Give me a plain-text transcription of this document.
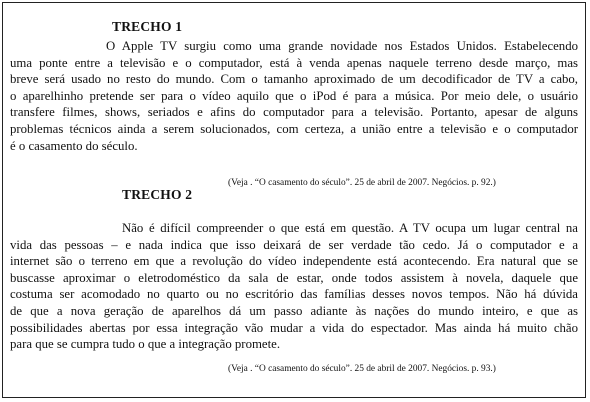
TRECHO 1
O Apple TV surgiu como uma grande novidade nos Estados Unidos. Estabelecendo
uma ponte entre a televisão e o computador, está à venda apenas naquele terreno desde março, mas
breve será usado no resto do mundo. Com o tamanho aproximado de um decodificador de TV a cabo,
o aparelhinho pretende ser para o vídeo aquilo que o iPod é para a música. Por meio dele, o usuário
transfere filmes, shows, seriados e afins do computador para a televisão. Portanto, apesar de alguns
problemas técnicos ainda a serem solucionados, com certeza, a união entre a televisão e o computador
é o casamento do século.
(Veja . “O casamento do século”. 25 de abril de 2007. Negócios. p. 92.)
TRECHO 2
Não é difícil compreender o que está em questão. A TV ocupa um lugar central na
vida das pessoas – e nada indica que isso deixará de ser verdade tão cedo. Já o computador e a
internet são o terreno em que a revolução do vídeo independente está acontecendo. Era natural que se
buscasse aproximar o eletrodoméstico da sala de estar, onde todos assistem à novela, daquele que
costuma ser acomodado no quarto ou no escritório das famílias desses novos tempos. Não há dúvida
de que a nova geração de aparelhos dá um passo adiante às nações do mundo inteiro, e que as
possibilidades abertas por essa integração vão mudar a vida do espectador. Mas ainda há muito chão
para que se cumpra tudo o que a integração promete.
(Veja . “O casamento do século”. 25 de abril de 2007. Negócios. p. 93.)
